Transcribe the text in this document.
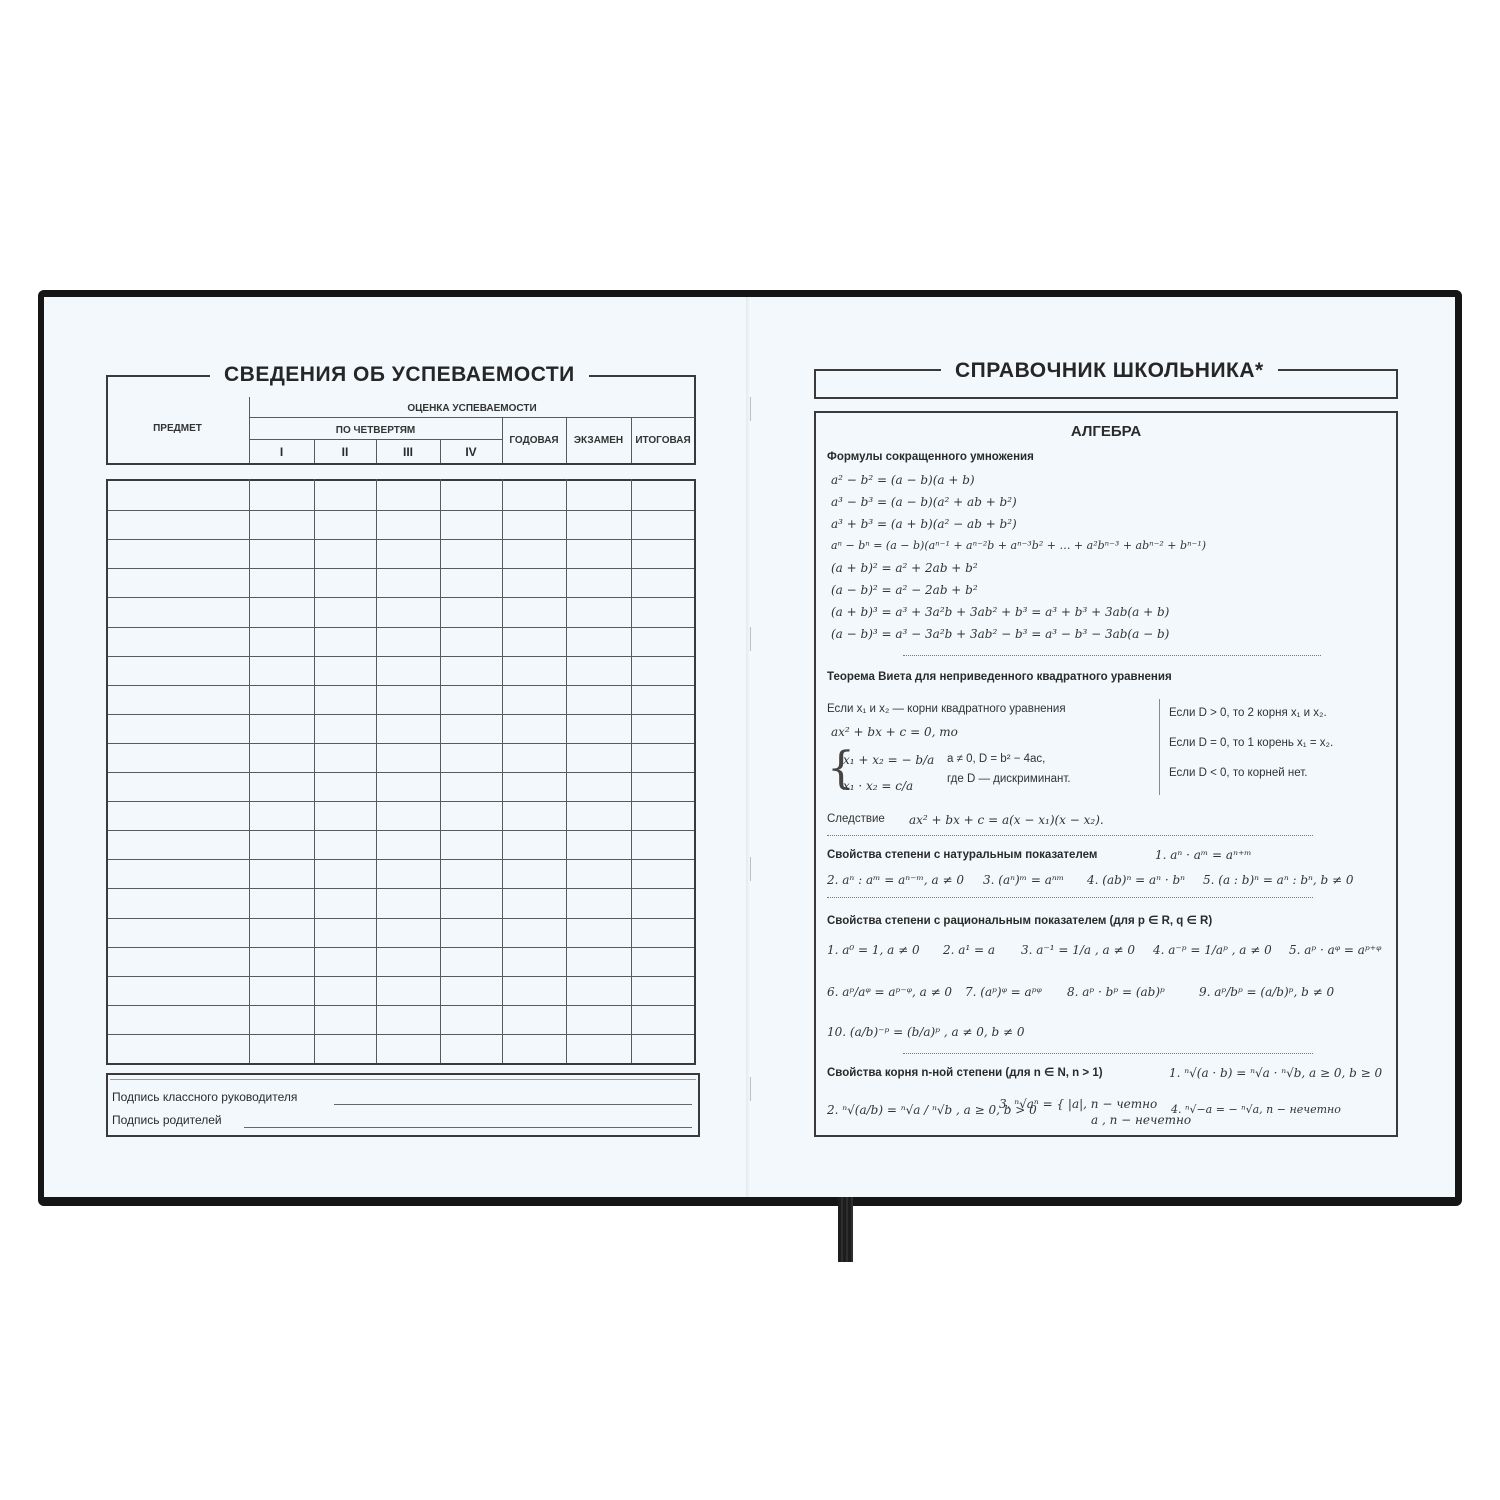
СВЕДЕНИЯ ОБ УСПЕВАЕМОСТИ
ПРЕДМЕТ
ОЦЕНКА УСПЕВАЕМОСТИ
ПО ЧЕТВЕРТЯМ
I	II	III	IV
ГОДОВАЯ	ЭКЗАМЕН	ИТОГОВАЯ
Подпись классного руководителя
Подпись родителей
СПРАВОЧНИК ШКОЛЬНИКА*
АЛГЕБРА
Формулы сокращенного умножения
a² − b² = (a − b)(a + b)
a³ − b³ = (a − b)(a² + ab + b²)
a³ + b³ = (a + b)(a² − ab + b²)
aⁿ − bⁿ = (a − b)(aⁿ⁻¹ + aⁿ⁻²b + aⁿ⁻³b² + … + a²bⁿ⁻³ + abⁿ⁻² + bⁿ⁻¹)
(a + b)² = a² + 2ab + b²
(a − b)² = a² − 2ab + b²
(a + b)³ = a³ + 3a²b + 3ab² + b³ = a³ + b³ + 3ab(a + b)
(a − b)³ = a³ − 3a²b + 3ab² − b³ = a³ − b³ − 3ab(a − b)
Теорема Виета для неприведенного квадратного уравнения
Если x₁ и x₂ — корни квадратного уравнения
ax² + bx + c = 0, то
{
x₁ + x₂ = − b/a
x₁ · x₂ = c/a
a ≠ 0, D = b² − 4ac,
где D — дискриминант.
Если D > 0, то 2 корня x₁ и x₂.
Если D = 0, то 1 корень x₁ = x₂.
Если D < 0, то корней нет.
Следствие ax² + bx + c = a(x − x₁)(x − x₂).
Свойства степени с натуральным показателем	1. aⁿ · aᵐ = aⁿ⁺ᵐ
2. aⁿ : aᵐ = aⁿ⁻ᵐ, a ≠ 0 3. (aⁿ)ᵐ = aⁿᵐ 4. (ab)ⁿ = aⁿ · bⁿ 5. (a : b)ⁿ = aⁿ : bⁿ, b ≠ 0
Свойства степени с рациональным показателем (для p ∈ R, q ∈ R)
1. a⁰ = 1, a ≠ 0 2. a¹ = a 3. a⁻¹ = 1/a , a ≠ 0 4. a⁻ᵖ = 1/aᵖ , a ≠ 0 5. aᵖ · aᵠ = aᵖ⁺ᵠ
6. aᵖ/aᵠ = aᵖ⁻ᵠ, a ≠ 0 7. (aᵖ)ᵠ = aᵖᵠ 8. aᵖ · bᵖ = (ab)ᵖ	9. aᵖ/bᵖ = (a/b)ᵖ, b ≠ 0
10. (a/b)⁻ᵖ = (b/a)ᵖ , a ≠ 0, b ≠ 0
Свойства корня n-ной степени (для n ∈ N, n > 1)	1. ⁿ√(a · b) = ⁿ√a · ⁿ√b, a ≥ 0, b ≥ 0
2. ⁿ√(a/b) = ⁿ√a / ⁿ√b , a ≥ 0, b > 0
3. ⁿ√aⁿ = { |a|, n − четно
a , n − нечетно
4. ⁿ√−a = − ⁿ√a, n − нечетно
